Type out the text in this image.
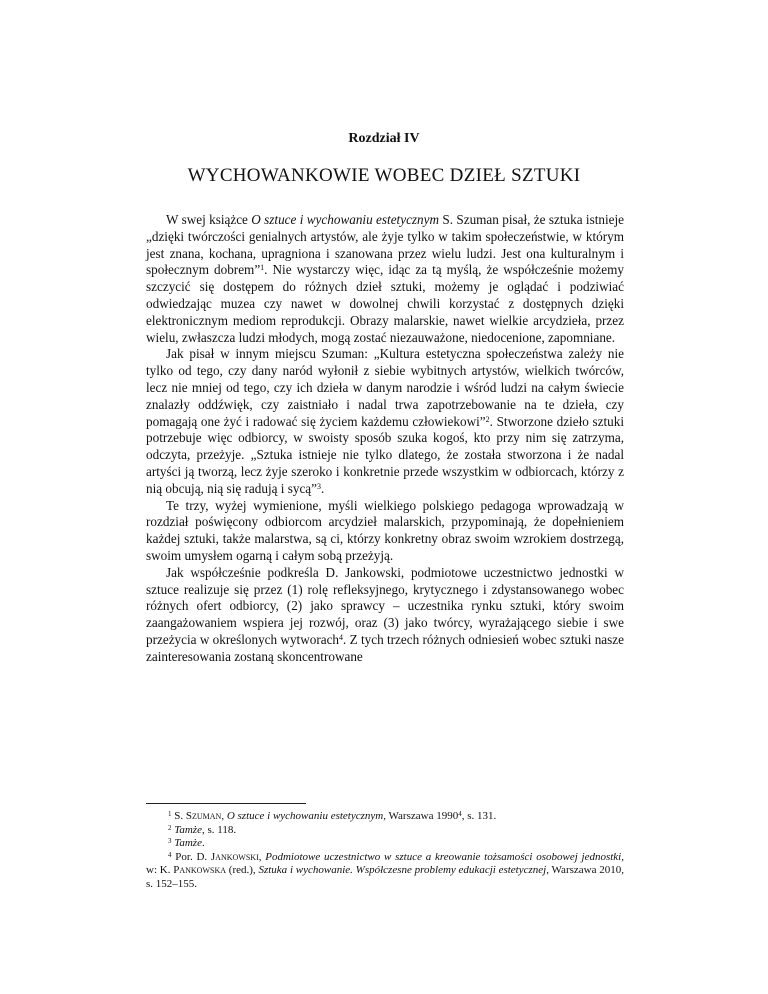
Rozdział IV
WYCHOWANKOWIE WOBEC DZIEŁ SZTUKI

W swej książce O sztuce i wychowaniu estetycznym S. Szuman pisał, że sztuka istnieje „dzięki twórczości genialnych artystów, ale żyje tylko w takim społeczeństwie, w którym jest znana, kochana, upragniona i szanowana przez wielu ludzi. Jest ona kulturalnym i społecznym dobrem”$^1$. Nie wystarczy więc, idąc za tą myślą, że współcześnie możemy szczycić się dostępem do różnych dzieł sztuki, możemy je oglądać i podziwiać odwiedzając muzea czy nawet w dowolnej chwili korzystać z dostępnych dzięki elektronicznym mediom reprodukcji. Obrazy malarskie, nawet wielkie arcydzieła, przez wielu, zwłaszcza ludzi młodych, mogą zostać niezauważone, niedocenione, zapomniane.

Jak pisał w innym miejscu Szuman: „Kultura estetyczna społeczeństwa zależy nie tylko od tego, czy dany naród wyłonił z siebie wybitnych artystów, wielkich twórców, lecz nie mniej od tego, czy ich dzieła w danym narodzie i wśród ludzi na całym świecie znalazły oddźwięk, czy zaistniało i nadal trwa zapotrzebowanie na te dzieła, czy pomagają one żyć i radować się życiem każdemu człowiekowi”$^2$. Stworzone dzieło sztuki potrzebuje więc odbiorcy, w swoisty sposób szuka kogoś, kto przy nim się zatrzyma, odczyta, przeżyje. „Sztuka istnieje nie tylko dlatego, że została stworzona i że nadal artyści ją tworzą, lecz żyje szeroko i konkretnie przede wszystkim w odbiorcach, którzy z nią obcują, nią się radują i sycą”$^3$.

Te trzy, wyżej wymienione, myśli wielkiego polskiego pedagoga wprowadzają w rozdział poświęcony odbiorcom arcydzieł malarskich, przypominają, że dopełnieniem każdej sztuki, także malarstwa, są ci, którzy konkretny obraz swoim wzrokiem dostrzegą, swoim umysłem ogarną i całym sobą przeżyją.

Jak współcześnie podkreśla D. Jankowski, podmiotowe uczestnictwo jednostki w sztuce realizuje się przez (1) rolę refleksyjnego, krytycznego i zdystansowanego wobec różnych ofert odbiorcy, (2) jako sprawcy – uczestnika rynku sztuki, który swoim zaangażowaniem wspiera jej rozwój, oraz (3) jako twórcy, wyrażającego siebie i swe przeżycia w określonych wytworach$^4$. Z tych trzech różnych odniesień wobec sztuki nasze zainteresowania zostaną skoncentrowane

$^1$ S. Szuman, O sztuce i wychowaniu estetycznym, Warszawa 1990$^4$, s. 131.

$^2$ Tamże, s. 118.

$^3$ Tamże.

$^4$ Por. D. Jankowski, Podmiotowe uczestnictwo w sztuce a kreowanie tożsamości osobowej jednostki, w: K. Pankowska (red.), Sztuka i wychowanie. Współczesne problemy edukacji estetycznej, Warszawa 2010, s. 152–155.
